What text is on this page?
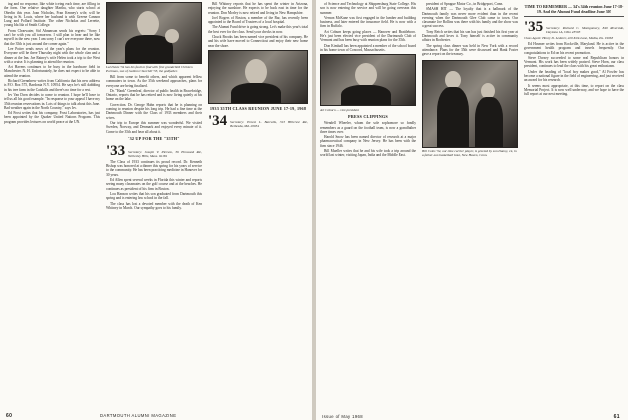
ing and no response, like white iceing each time, are filling in the form. One relative daughter Martha, who starts school at Oberlin this year. Joan Nicholas, Fran Kenney's wife, will be living in St. Louis, where her husband is with Greene Cannon Lung and Pollard Institute. The other Nicholas and Lerrette, young Ida Ida of Smith College.

From Clearwater, Sid Abramson sends his regrets: "Sorry I can't be with you all tomorrow. I still plan to hear and be like myself in the new year. I am sorry I can't see everyone there, now that the 35th is just around the corner again."

Lee Potter sends news of the year's plans for the reunion. Everyone will be there Thursday night with the whole clan and a dinner at the Inn. Joe Rainey's wife Helen took a trip to the West with a cruise. It is planning to attend the reunion.

Art Havens continues to be busy in the hardware field in Manchester. N. H. Unfortunately, he does not expect to be able to attend the reunion.

Richard Grennbrew writes from California that his new address is P.O. Box 575, Bardonia N.Y. 10954. He says he's still dabbling in his tree farm in the Catskills and there's no time for a rest.

Irv Van Dorn decides to come to reunion. I hope he'll have to tell us all his good example. "In response to your appeal I have my 35th reunion reservations in. Lots of things to talk about this June. Bad weather again in the North Country," says Irv.

Ed Frost writes that his company, Frost Laboratories, has just been appointed by the Quaker United Nations Program. This program provides lectures on world peace at the UN.

Lal Davis '34 has his fault to find with first grandchild Christen Portman, son of Geldon Churchill '33, the godfather.

Bill from some to benefit others, and which apparent fellow commuters in town. As the 35th weekend approaches, plans for everyone are being finalized.

Dr. "Hank" Greenleaf, director of public health in Bracebridge, Ontario, reports that he has retired and is now living quietly at his home on the lake.

Correction. Dr. George Hahn reports that he is planning on coming to reunion despite his long trip. He had a fine time at the Dartmouth Dinner with the Class of 1933 members and their wives.

Our trip to Europe this summer was wonderful. We visited Sweden, Norway, and Denmark and enjoyed every minute of it. Come to the 35th and hear all about it.

'32 UP FOR THE "35TH"
'33 Secretary: Joseph V. Pierson, 36 Elmwood Rd., Wellesley Hills, Mass. 02181

The Class of 1933 continues its proud record. Dr. Kenneth Bishop was honored at a dinner this spring for his years of service to the community. He has been practicing medicine in Hanover for 30 years.

Ed Allen spent several weeks in Florida this winter and reports seeing many classmates on the golf course and at the beaches. He continues as president of his firm in Boston.

Lou Hanson writes that his son graduated from Dartmouth this spring and is entering law school in the fall.

The class has lost a devoted member with the death of Ken Whitney in March. Our sympathy goes to his family.

Bill Whitney reports that he has spent the winter in Arizona, enjoying the sunshine. He expects to be back east in time for the reunion. Don Morley is now retired and living in New Hampshire.

Joel Rogers of Boston, a member of the Bar, has recently been appointed to the Board of Trustees of a local hospital.

The Alumni Fund drive is going strong. Let's make this year's total the best ever for the class. Send your checks in now.

Chuck Brooks has been named vice president of his company. He and his wife have moved to Connecticut and enjoy their new home near the shore.

1933 35TH CLASS REUNION JUNE 17-19, 1968
'34 Secretary: Ernest L. Barcella, 313 Hillcrest Rd., Bethesda, Md. 20034
60	DARTMOUTH ALUMNI MAGAZINE

of Science and Technology at Shippensburg State College. His son is now entering the service and will be going overseas this summer.

Vernon McKane was first engaged in the lumber and building business, and later entered the insurance field. He is now with a firm in Buffalo.

Art Coburn keeps going places — Hanover and Brattleboro. He's just been elected vice president of the Dartmouth Club of Vermont and has been busy with reunion plans for the 35th.

Don Kimball has been appointed a member of the school board in his home town of Concord, Massachusetts.

Art Coburn — vice president
PRESS CLIPPINGS

Wendell Wheeler, whom the sole sophomore so fondly remembers as a guard on the football team, is now a grandfather three times over.

Harold Snow has been named director of research at a major pharmaceutical company in New Jersey. He has been with the firm since 1946.

Bill Mueller writes that he and his wife took a trip around the world last winter, visiting Japan, India and the Middle East.

president of Sprague Motor Co., in Bridgeport, Conn.

SMASH HIT — The loyalty that is a hallmark of the Dartmouth family was never more evident than in the recent evening when the Dartmouth Glee Club came to town. Our classmate Joe Rollins was there with his family and the show was a great success.

Tony Reich writes that his son has just finished his first year at Dartmouth and loves it. Tony himself is active in community affairs in Rochester.

The spring class dinner was held in New York with a record attendance. Plans for the 35th were discussed and Hank Foster gave a report on the treasury.

Bill Coles '34, our time carrier player, is greeted by son Danny, 14, in a father-son basketball bout, New Haven, Conn.
TIME TO REMEMBER — 34's 34th reunion June 17-18-19. And the Alumni Fund deadline June 30!
'35 Secretary: Richard C. Montgomery, 840 Riverside, Daytona 1A, Ohio 43503
Class Agent: Henry D. Lederer, 220 Kirk Lane, Media, Pa. 19063

Ed Hosmer writes from Rockville, Maryland. He is active in the government health program and travels frequently. Our congratulations to Ed on his recent promotion.

Steve Dorsey succeeded to some real Republican honors in Vermont. His work has been widely praised. Steve Horn, our class president, continues to lead the class with his great enthusiasm.

Under the heading of "local boy makes good," Al Fowler has become a national figure in the field of engineering, and just received an award for his research.

It seems most appropriate, at this time, to report on the class Memorial Project. It is now well underway, and we hope to have the full report at our next meeting.

Issue of May 1968	61
